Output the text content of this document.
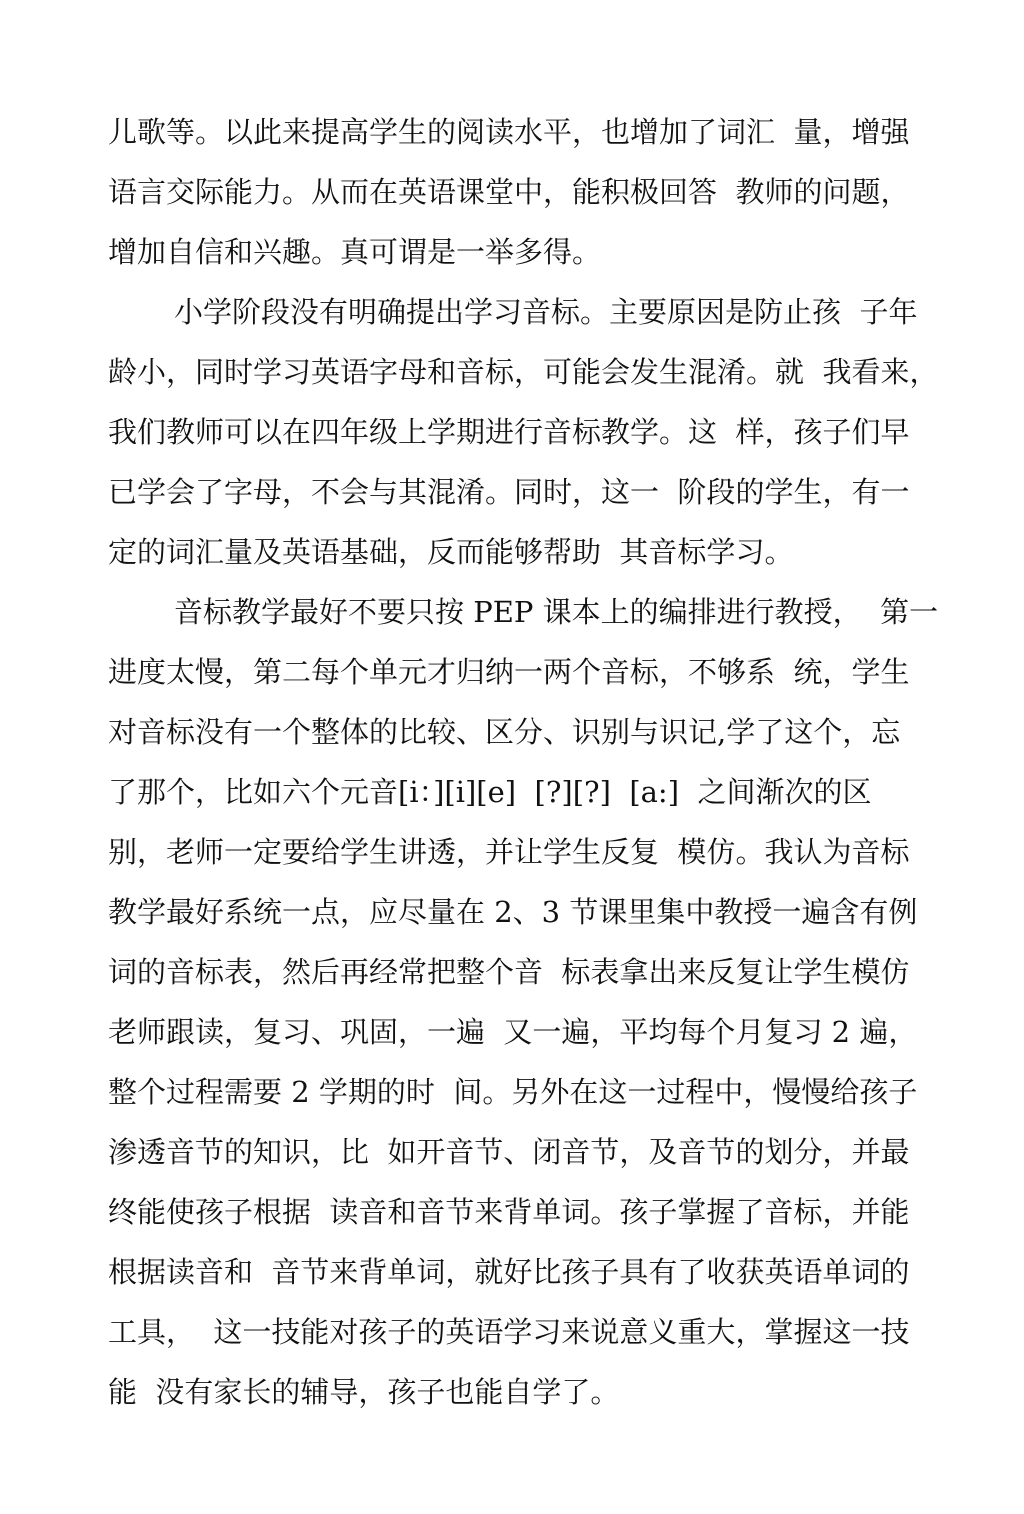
儿歌等。以此来提高学生的阅读水平，也增加了词汇  量，增强
语言交际能力。从而在英语课堂中，能积极回答  教师的问题，
增加自信和兴趣。真可谓是一举多得。
小学阶段没有明确提出学习音标。主要原因是防止孩  子年
龄小，同时学习英语字母和音标，可能会发生混淆。就  我看来，
我们教师可以在四年级上学期进行音标教学。这  样，孩子们早
已学会了字母，不会与其混淆。同时，这一  阶段的学生，有一
定的词汇量及英语基础，反而能够帮助  其音标学习。
音标教学最好不要只按 PEP 课本上的编排进行教授，  第一
进度太慢，第二每个单元才归纳一两个音标，不够系  统，学生
对音标没有一个整体的比较、区分、识别与识记,学了这个，忘
了那个，比如六个元音[i：][i][e]  [?][?]  [a:]  之间渐次的区
别，老师一定要给学生讲透，并让学生反复  模仿。我认为音标
教学最好系统一点，应尽量在 2、3 节课里集中教授一遍含有例
词的音标表，然后再经常把整个音  标表拿出来反复让学生模仿
老师跟读，复习、巩固，一遍  又一遍，平均每个月复习 2 遍，
整个过程需要 2 学期的时  间。另外在这一过程中，慢慢给孩子
渗透音节的知识，比  如开音节、闭音节，及音节的划分，并最
终能使孩子根据  读音和音节来背单词。孩子掌握了音标，并能
根据读音和  音节来背单词，就好比孩子具有了收获英语单词的
工具，  这一技能对孩子的英语学习来说意义重大，掌握这一技
能  没有家长的辅导，孩子也能自学了。
